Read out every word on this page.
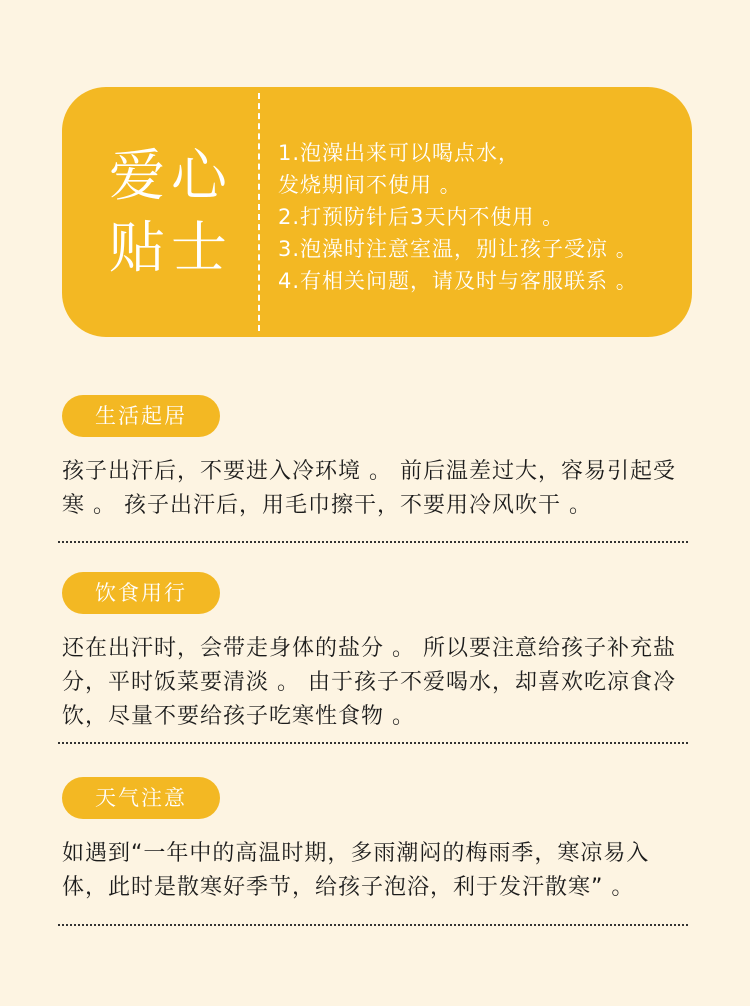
爱心
贴士
1.泡澡出来可以喝点水，
发烧期间不使用 。
2.打预防针后3天内不使用 。
3.泡澡时注意室温，别让孩子受凉 。
4.有相关问题，请及时与客服联系 。
生活起居
孩子出汗后，不要进入冷环境 。 前后温差过大，容易引起受寒 。 孩子出汗后，用毛巾擦干，不要用冷风吹干 。
饮食用行
还在出汗时，会带走身体的盐分 。 所以要注意给孩子补充盐分，平时饭菜要清淡 。 由于孩子不爱喝水，却喜欢吃凉食冷饮，尽量不要给孩子吃寒性食物 。
天气注意
如遇到“一年中的高温时期，多雨潮闷的梅雨季，寒凉易入体，此时是散寒好季节，给孩子泡浴，利于发汗散寒” 。
